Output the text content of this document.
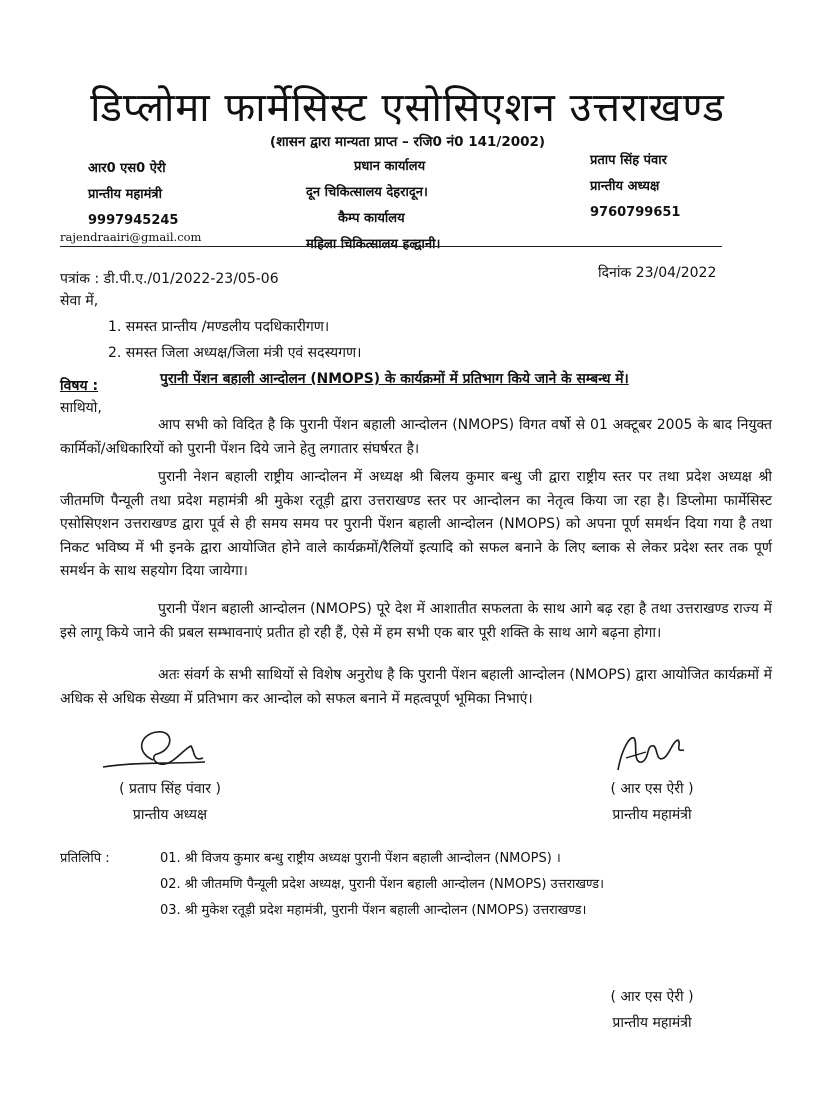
डिप्लोमा फार्मेसिस्ट एसोसिएशन उत्तराखण्ड
(शासन द्वारा मान्यता प्राप्त – रजि0 नं0 141/2002)
आर0 एस0 ऐरी
प्रान्तीय महामंत्री
9997945245
rajendraairi@gmail.com
प्रधान कार्यालय
दून चिकित्सालय देहरादून।
कैम्प कार्यालय
महिला चिकित्सालय हल्द्वानी।
प्रताप सिंह पंवार
प्रान्तीय अध्यक्ष
9760799651
पत्रांक : डी.पी.ए./01/2022-23/05-06	दिनांक 23/04/2022
सेवा में,
1. समस्त प्रान्तीय /मण्डलीय पदधिकारीगण।
2. समस्त जिला अध्यक्ष/जिला मंत्री एवं सदस्यगण।
विषय :	पुरानी पेंशन बहाली आन्दोलन (NMOPS) के कार्यक्रमों में प्रतिभाग किये जाने के सम्बन्ध में।
साथियो,
आप सभी को विदित है कि पुरानी पेंशन बहाली आन्दोलन (NMOPS) विगत वर्षो से 01 अक्टूबर 2005 के बाद नियुक्त कार्मिकों/अधिकारियों को पुरानी पेंशन दिये जाने हेतु लगातार संघर्षरत है।
पुरानी नेशन बहाली राष्ट्रीय आन्दोलन में अध्यक्ष श्री बिलय कुमार बन्धु जी द्वारा राष्ट्रीय स्तर पर तथा प्रदेश अध्यक्ष श्री जीतमणि पैन्यूली तथा प्रदेश महामंत्री श्री मुकेश रतूड़ी द्वारा उत्तराखण्ड स्तर पर आन्दोलन का नेतृत्व किया जा रहा है। डिप्लोमा फार्मेसिस्ट एसोसिएशन उत्तराखण्ड द्वारा पूर्व से ही समय समय पर पुरानी पेंशन बहाली आन्दोलन (NMOPS) को अपना पूर्ण समर्थन दिया गया है तथा निकट भविष्य में भी इनके द्वारा आयोजित होने वाले कार्यक्रमों/रैलियों इत्यादि को सफल बनाने के लिए ब्लाक से लेकर प्रदेश स्तर तक पूर्ण समर्थन के साथ सहयोग दिया जायेगा।
पुरानी पेंशन बहाली आन्दोलन (NMOPS) पूरे देश में आशातीत सफलता के साथ आगे बढ़ रहा है तथा उत्तराखण्ड राज्य में इसे लागू किये जाने की प्रबल सम्भावनाएं प्रतीत हो रही हैं, ऐसे में हम सभी एक बार पूरी शक्ति के साथ आगे बढ़ना होगा।
अतः संवर्ग के सभी साथियों से विशेष अनुरोध है कि पुरानी पेंशन बहाली आन्दोलन (NMOPS) द्वारा आयोजित कार्यक्रमों में अधिक से अधिक सेख्या में प्रतिभाग कर आन्दोल को सफल बनाने में महत्वपूर्ण भूमिका निभाएं।
( प्रताप सिंह पंवार )
प्रान्तीय अध्यक्ष
( आर एस ऐरी )
प्रान्तीय महामंत्री
प्रतिलिपि :	01. श्री विजय कुमार बन्धु राष्ट्रीय अध्यक्ष पुरानी पेंशन बहाली आन्दोलन (NMOPS) ।
02. श्री जीतमणि पैन्यूली प्रदेश अध्यक्ष, पुरानी पेंशन बहाली आन्दोलन (NMOPS) उत्तराखण्ड।
03. श्री मुकेश रतूड़ी प्रदेश महामंत्री, पुरानी पेंशन बहाली आन्दोलन (NMOPS) उत्तराखण्ड।
( आर एस ऐरी )
प्रान्तीय महामंत्री
